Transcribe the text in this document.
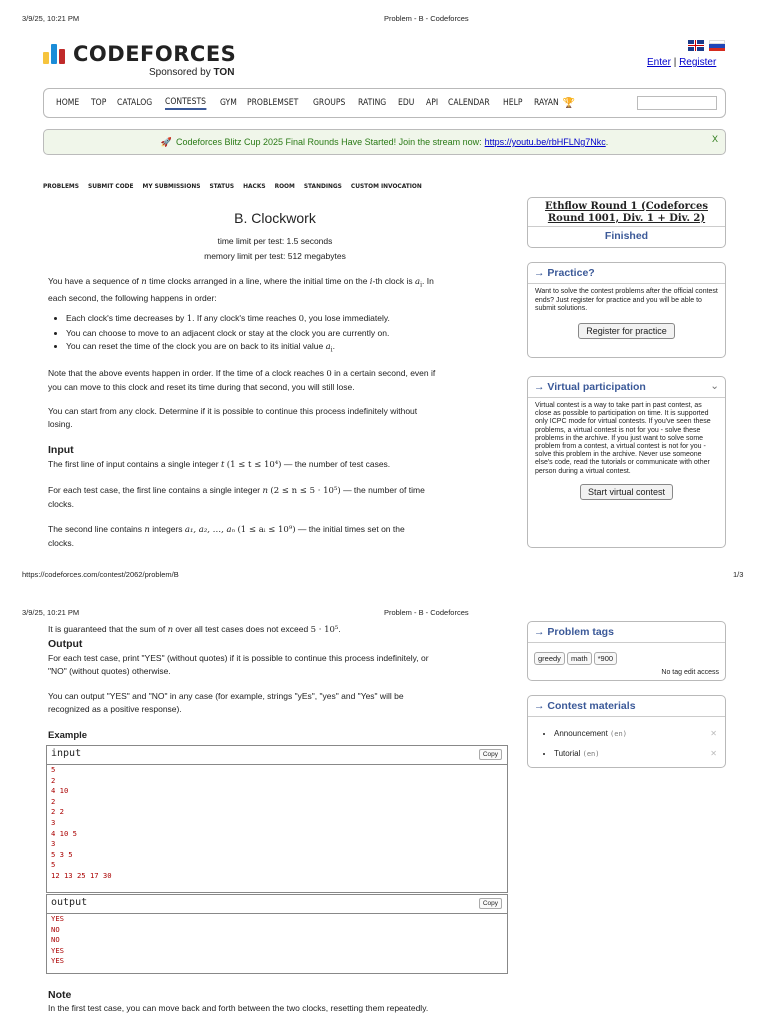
3/9/25, 10:21 PM	Problem - B - Codeforces
CODEFORCES
Sponsored by TON
Enter | Register
HOME TOP CATALOG CONTESTS GYM PROBLEMSET GROUPS RATING EDU API CALENDAR HELP RAYAN 🏆
🚀 Codeforces Blitz Cup 2025 Final Rounds Have Started! Join the stream now: https://youtu.be/rbHFLNg7Nkc .	X
PROBLEMS SUBMIT CODE MY SUBMISSIONS STATUS HACKS ROOM STANDINGS CUSTOM INVOCATION
B. Clockwork
time limit per test: 1.5 seconds
memory limit per test: 512 megabytes
You have a sequence of n time clocks arranged in a line, where the initial time on the i-th clock is $a_i$. In
each second, the following happens in order:
• Each clock's time decreases by 1. If any clock's time reaches 0, you lose immediately.
• You can choose to move to an adjacent clock or stay at the clock you are currently on.
• You can reset the time of the clock you are on back to its initial value $a_i$.
Note that the above events happen in order. If the time of a clock reaches 0 in a certain second, even if
you can move to this clock and reset its time during that second, you will still lose.
You can start from any clock. Determine if it is possible to continue this process indefinitely without
losing.
Input
The first line of input contains a single integer t (1 ≤ t ≤ 10⁴) — the number of test cases.
For each test case, the first line contains a single integer n (2 ≤ n ≤ 5 · 10⁵) — the number of time
clocks.
The second line contains n integers a₁, a₂, …, aₙ (1 ≤ aᵢ ≤ 10⁹) — the initial times set on the
clocks.
Ethflow Round 1 (Codeforces Round 1001, Div. 1 + Div. 2)
Finished
→ Practice?
Want to solve the contest problems after the official contest ends? Just register for practice and you will be able to submit solutions.
Register for practice
→ Virtual participation	⌄
Virtual contest is a way to take part in past contest, as close as possible to participation on time. It is supported only ICPC mode for virtual contests. If you've seen these problems, a virtual contest is not for you - solve these problems in the archive. If you just want to solve some problem from a contest, a virtual contest is not for you - solve this problem in the archive. Never use someone else's code, read the tutorials or communicate with other person during a virtual contest.
Start virtual contest
https://codeforces.com/contest/2062/problem/B	1/3
3/9/25, 10:21 PM	Problem - B - Codeforces
It is guaranteed that the sum of n over all test cases does not exceed 5 · 10⁵.
Output
For each test case, print "YES" (without quotes) if it is possible to continue this process indefinitely, or
"NO" (without quotes) otherwise.
You can output "YES" and "NO" in any case (for example, strings "yEs", "yes" and "Yes" will be
recognized as a positive response).
Example
input	Copy
5
2
4 10
2
2 2
3
4 10 5
3
5 3 5
5
12 13 25 17 30
output	Copy
YES
NO
NO
YES
YES
Note
In the first test case, you can move back and forth between the two clocks, resetting them repeatedly.
→ Problem tags
greedy math *900
No tag edit access
→ Contest materials
• Announcement (en)	✕
• Tutorial (en)	✕
